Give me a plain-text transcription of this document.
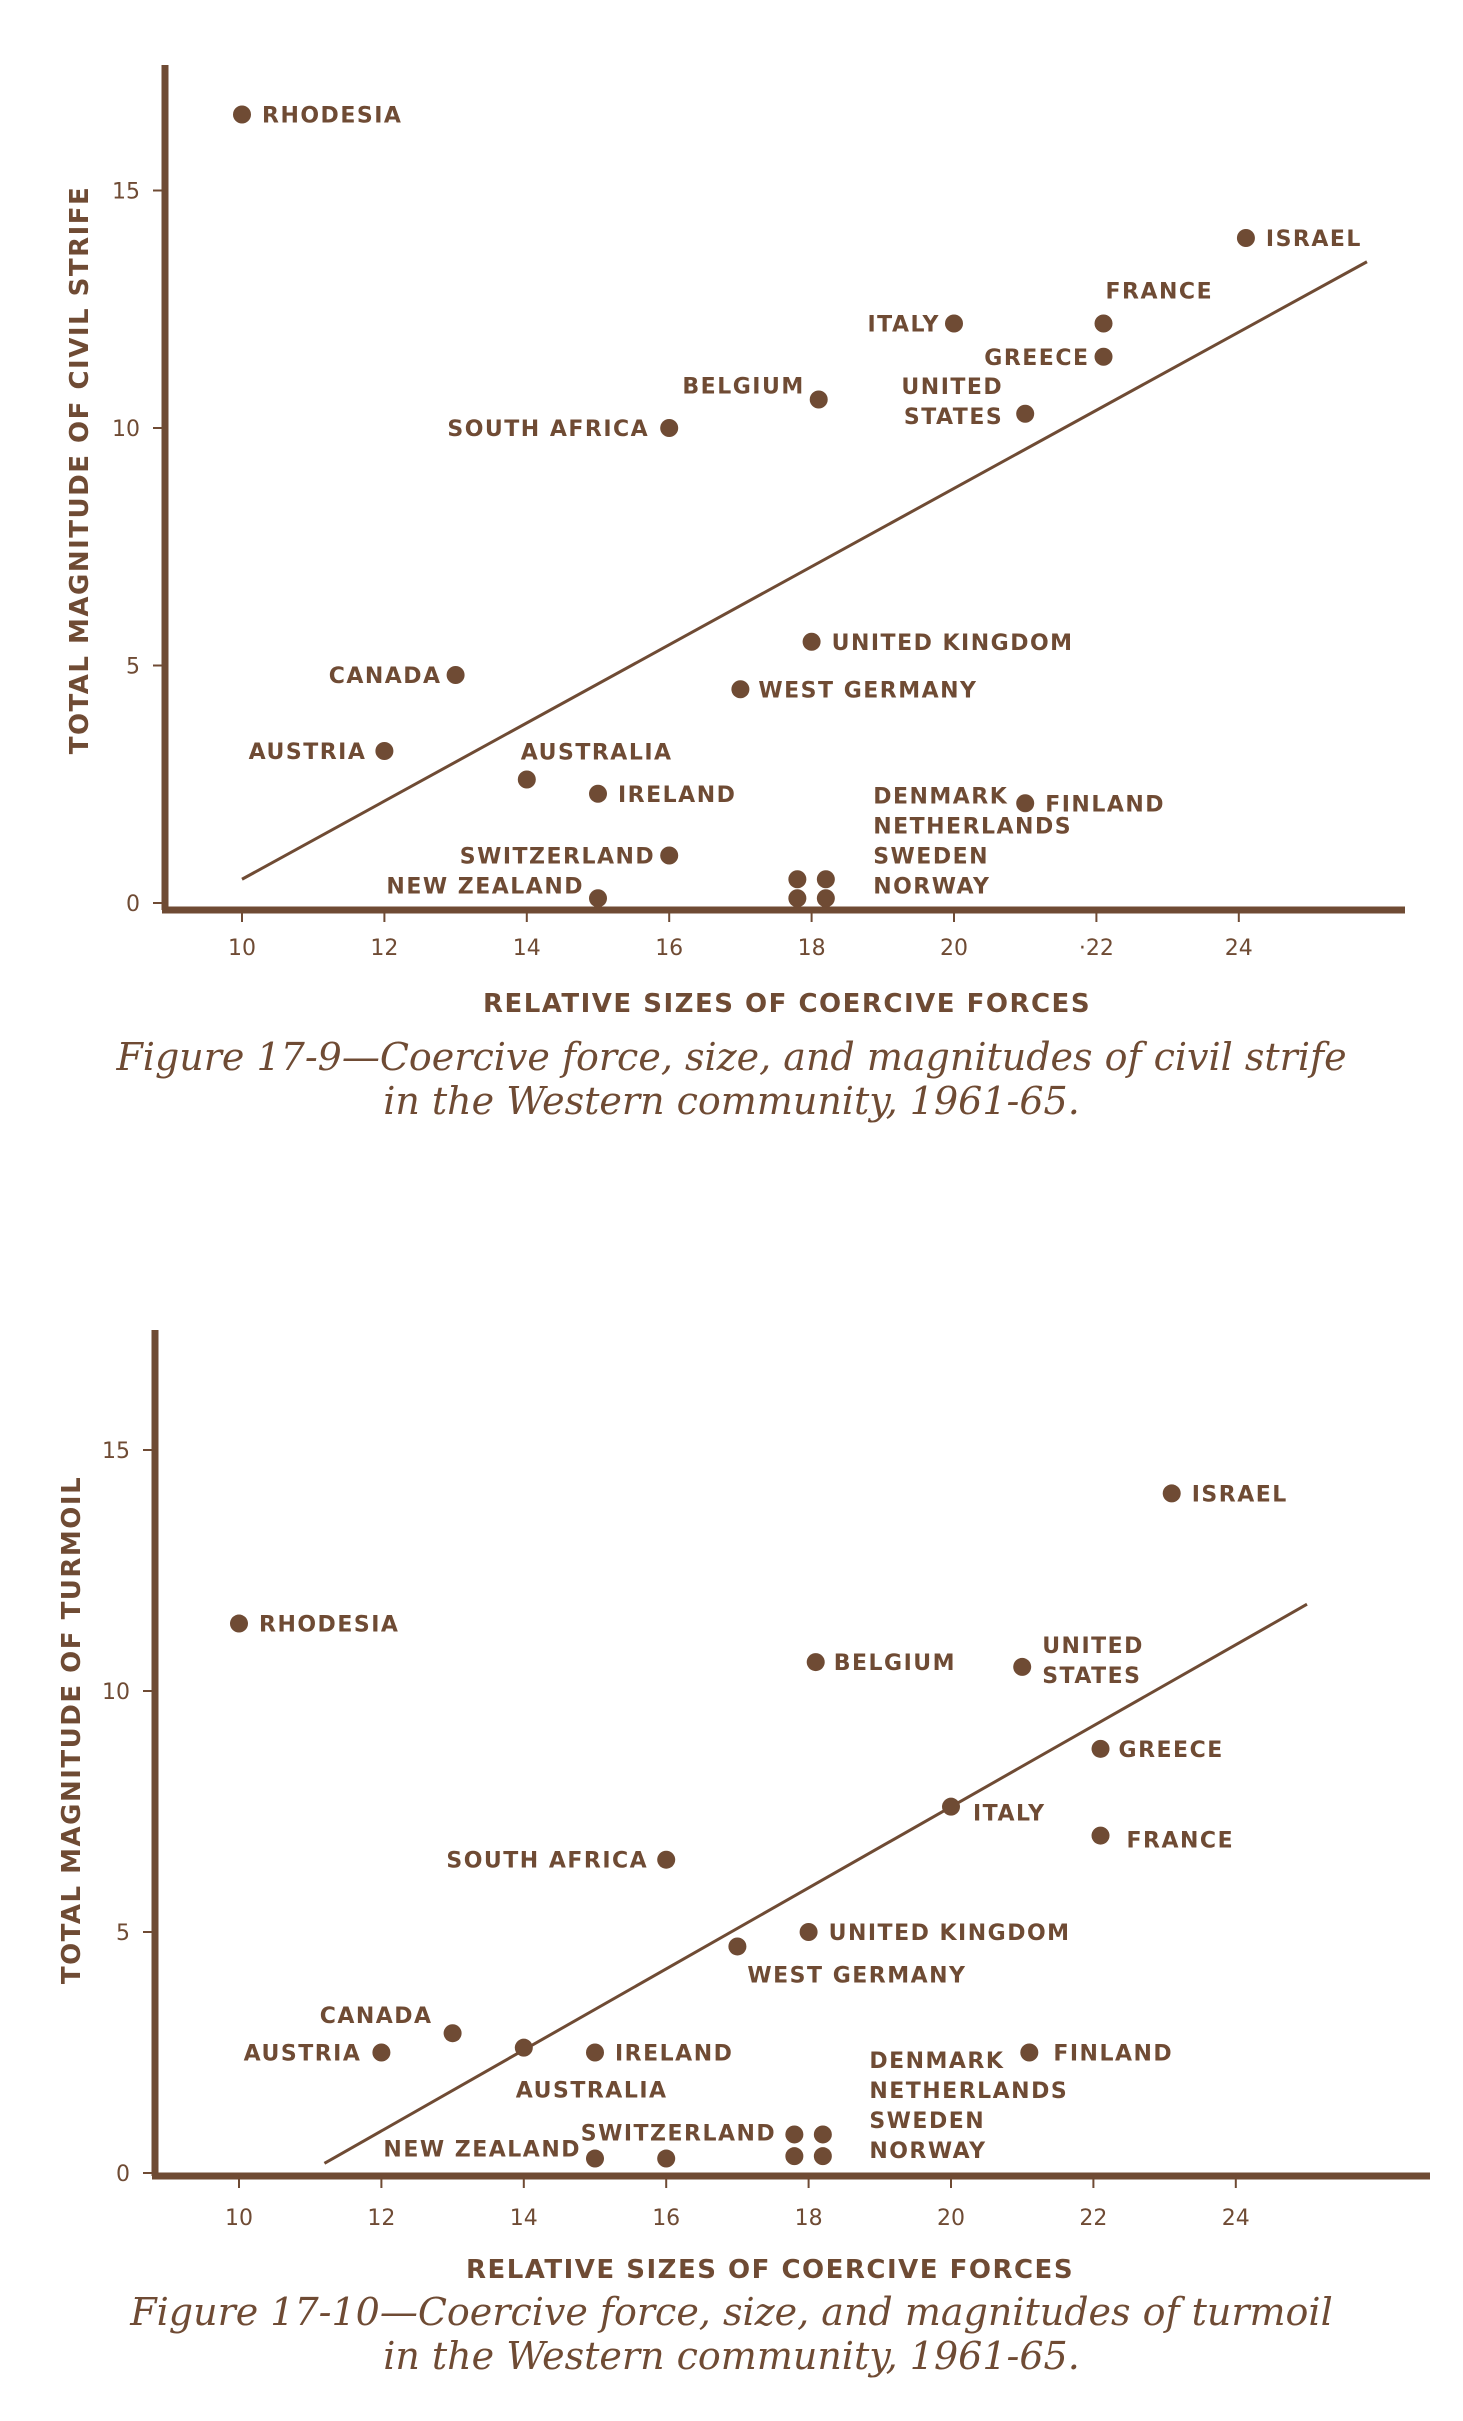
10	12	14	16	18	20	·22	24
0
5
10
15
RELATIVE SIZES OF COERCIVE FORCES
TOTAL MAGNITUDE OF CIVIL STRIFE
RHODESIA
ISRAEL
FRANCE
ITALY
GREECE
BELGIUM	UNITED
STATES
SOUTH AFRICA
UNITED KINGDOM
CANADA
WEST GERMANY
AUSTRIA	AUSTRALIA
IRELAND	FINLAND
SWITZERLAND
NEW ZEALAND
DENMARK
NETHERLANDS
SWEDEN
NORWAY
Figure 17-9—Coercive force, size, and magnitudes of civil strife
in the Western community, 1961-65.
10	12	14	16	18	20	22	24
0
5
10
15
RELATIVE SIZES OF COERCIVE FORCES
TOTAL MAGNITUDE OF TURMOIL	ISRAEL
RHODESIA
BELGIUM
UNITED
STATES
GREECE
ITALY
FRANCE
SOUTH AFRICA
UNITED KINGDOM
WEST GERMANY
CANADA
AUSTRALIA
AUSTRIA	IRELAND	FINLAND
SWITZERLAND
NEW ZEALAND
DENMARK
NETHERLANDS
SWEDEN
NORWAY
Figure 17-10—Coercive force, size, and magnitudes of turmoil
in the Western community, 1961-65.
